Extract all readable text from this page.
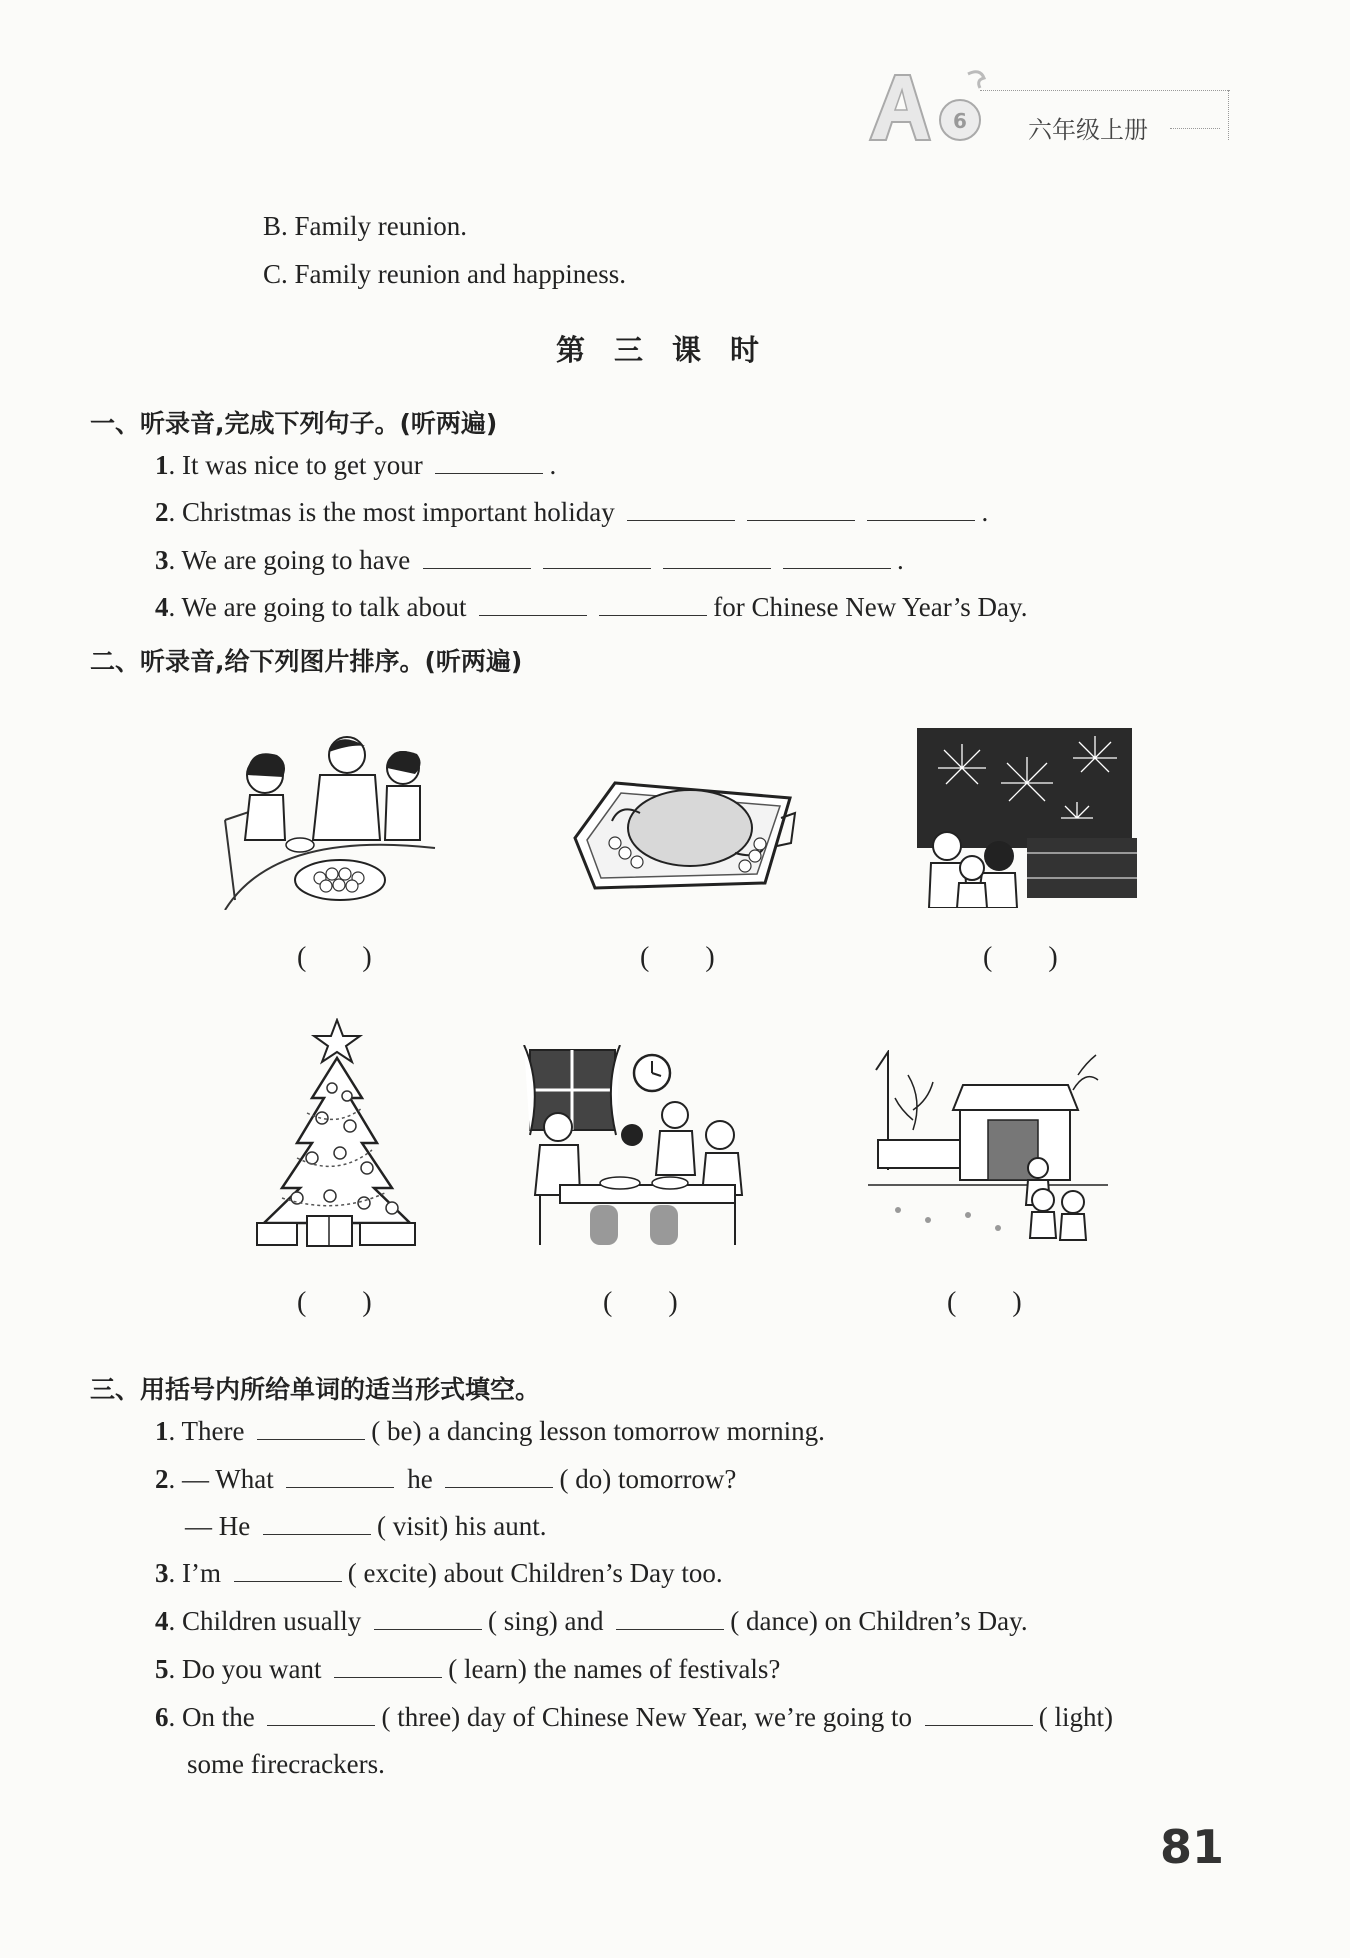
6	六年级上册
B. Family reunion.
C. Family reunion and happiness.
第　三　课　时
一、听录音,完成下列句子。(听两遍)
1. It was nice to get your	.
2. Christmas is the most important holiday	.
3. We are going to have	.
4. We are going to talk about	for Chinese New Year’s Day.
二、听录音,给下列图片排序。(听两遍)
(　　)	(　　)	(　　)
(　　)	(　　)	(　　)
三、用括号内所给单词的适当形式填空。
1. There	( be) a dancing lesson tomorrow morning.
2. — What	he	( do) tomorrow?
— He	( visit) his aunt.
3. I’m	( excite) about Children’s Day too.
4. Children usually	( sing) and	( dance) on Children’s Day.
5. Do you want	( learn) the names of festivals?
6. On the	( three) day of Chinese New Year, we’re going to	( light)
some firecrackers.
81
